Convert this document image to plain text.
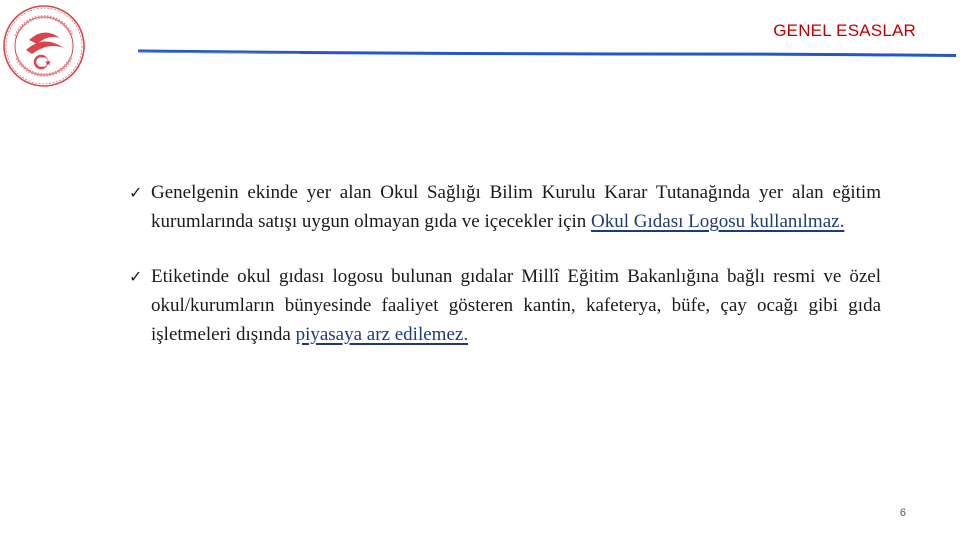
GENEL ESASLAR
✓ Genelgenin ekinde yer alan Okul Sağlığı Bilim Kurulu Karar Tutanağında yer alan eğitim kurumlarında satışı uygun olmayan gıda ve içecekler için Okul Gıdası Logosu kullanılmaz.
✓ Etiketinde okul gıdası logosu bulunan gıdalar Millî Eğitim Bakanlığına bağlı resmi ve özel okul/kurumların bünyesinde faaliyet gösteren kantin, kafeterya, büfe, çay ocağı gibi gıda işletmeleri dışında piyasaya arz edilemez.
6
